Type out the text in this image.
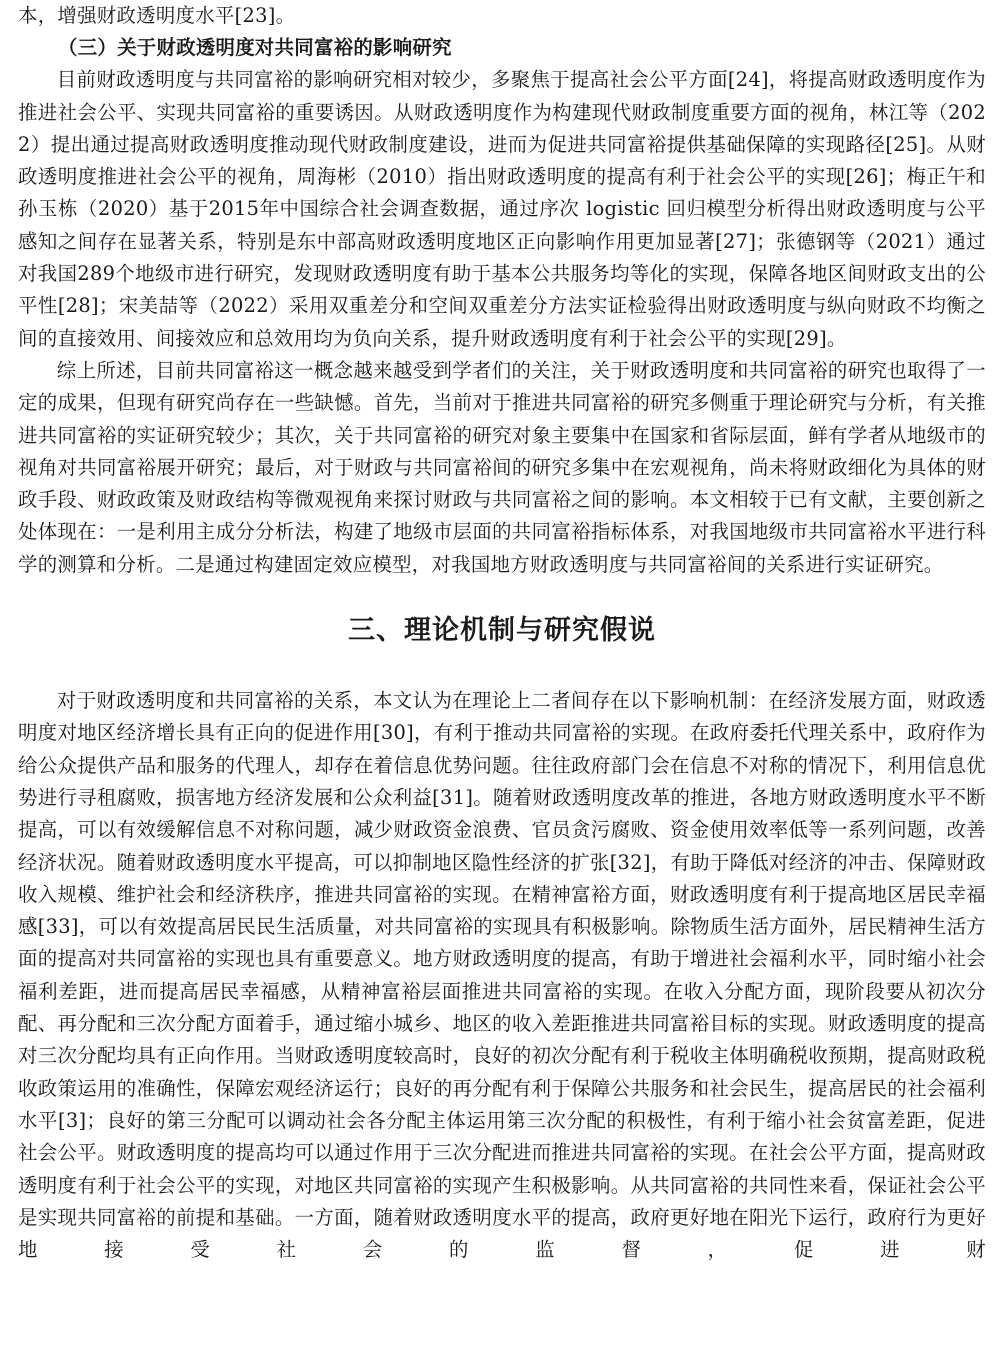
本，增强财政透明度水平[23]。

（三）关于财政透明度对共同富裕的影响研究

目前财政透明度与共同富裕的影响研究相对较少，多聚焦于提高社会公平方面[24]，将提高财政透明度作为推进社会公平、实现共同富裕的重要诱因。从财政透明度作为构建现代财政制度重要方面的视角，林江等（2022）提出通过提高财政透明度推动现代财政制度建设，进而为促进共同富裕提供基础保障的实现路径[25]。从财政透明度推进社会公平的视角，周海彬（2010）指出财政透明度的提高有利于社会公平的实现[26]；梅正午和孙玉栋（2020）基于2015年中国综合社会调查数据，通过序次 logistic 回归模型分析得出财政透明度与公平感知之间存在显著关系，特别是东中部高财政透明度地区正向影响作用更加显著[27]；张德钢等（2021）通过对我国289个地级市进行研究，发现财政透明度有助于基本公共服务均等化的实现，保障各地区间财政支出的公平性[28]；宋美喆等（2022）采用双重差分和空间双重差分方法实证检验得出财政透明度与纵向财政不均衡之间的直接效用、间接效应和总效用均为负向关系，提升财政透明度有利于社会公平的实现[29]。

综上所述，目前共同富裕这一概念越来越受到学者们的关注，关于财政透明度和共同富裕的研究也取得了一定的成果，但现有研究尚存在一些缺憾。首先，当前对于推进共同富裕的研究多侧重于理论研究与分析，有关推进共同富裕的实证研究较少；其次，关于共同富裕的研究对象主要集中在国家和省际层面，鲜有学者从地级市的视角对共同富裕展开研究；最后，对于财政与共同富裕间的研究多集中在宏观视角，尚未将财政细化为具体的财政手段、财政政策及财政结构等微观视角来探讨财政与共同富裕之间的影响。本文相较于已有文献，主要创新之处体现在：一是利用主成分分析法，构建了地级市层面的共同富裕指标体系，对我国地级市共同富裕水平进行科学的测算和分析。二是通过构建固定效应模型，对我国地方财政透明度与共同富裕间的关系进行实证研究。

三、理论机制与研究假说

对于财政透明度和共同富裕的关系，本文认为在理论上二者间存在以下影响机制：在经济发展方面，财政透明度对地区经济增长具有正向的促进作用[30]，有利于推动共同富裕的实现。在政府委托代理关系中，政府作为给公众提供产品和服务的代理人，却存在着信息优势问题。往往政府部门会在信息不对称的情况下，利用信息优势进行寻租腐败，损害地方经济发展和公众利益[31]。随着财政透明度改革的推进，各地方财政透明度水平不断提高，可以有效缓解信息不对称问题，减少财政资金浪费、官员贪污腐败、资金使用效率低等一系列问题，改善经济状况。随着财政透明度水平提高，可以抑制地区隐性经济的扩张[32]，有助于降低对经济的冲击、保障财政收入规模、维护社会和经济秩序，推进共同富裕的实现。在精神富裕方面，财政透明度有利于提高地区居民幸福感[33]，可以有效提高居民民生活质量，对共同富裕的实现具有积极影响。除物质生活方面外，居民精神生活方面的提高对共同富裕的实现也具有重要意义。地方财政透明度的提高，有助于增进社会福利水平，同时缩小社会福利差距，进而提高居民幸福感，从精神富裕层面推进共同富裕的实现。在收入分配方面，现阶段要从初次分配、再分配和三次分配方面着手，通过缩小城乡、地区的收入差距推进共同富裕目标的实现。财政透明度的提高对三次分配均具有正向作用。当财政透明度较高时，良好的初次分配有利于税收主体明确税收预期，提高财政税收政策运用的准确性，保障宏观经济运行；良好的再分配有利于保障公共服务和社会民生，提高居民的社会福利水平[3]；良好的第三分配可以调动社会各分配主体运用第三次分配的积极性，有利于缩小社会贫富差距，促进社会公平。财政透明度的提高均可以通过作用于三次分配进而推进共同富裕的实现。在社会公平方面，提高财政透明度有利于社会公平的实现，对地区共同富裕的实现产生积极影响。从共同富裕的共同性来看，保证社会公平是实现共同富裕的前提和基础。一方面，随着财政透明度水平的提高，政府更好地在阳光下运行，政府行为更好地接受社会的监督，促进财
